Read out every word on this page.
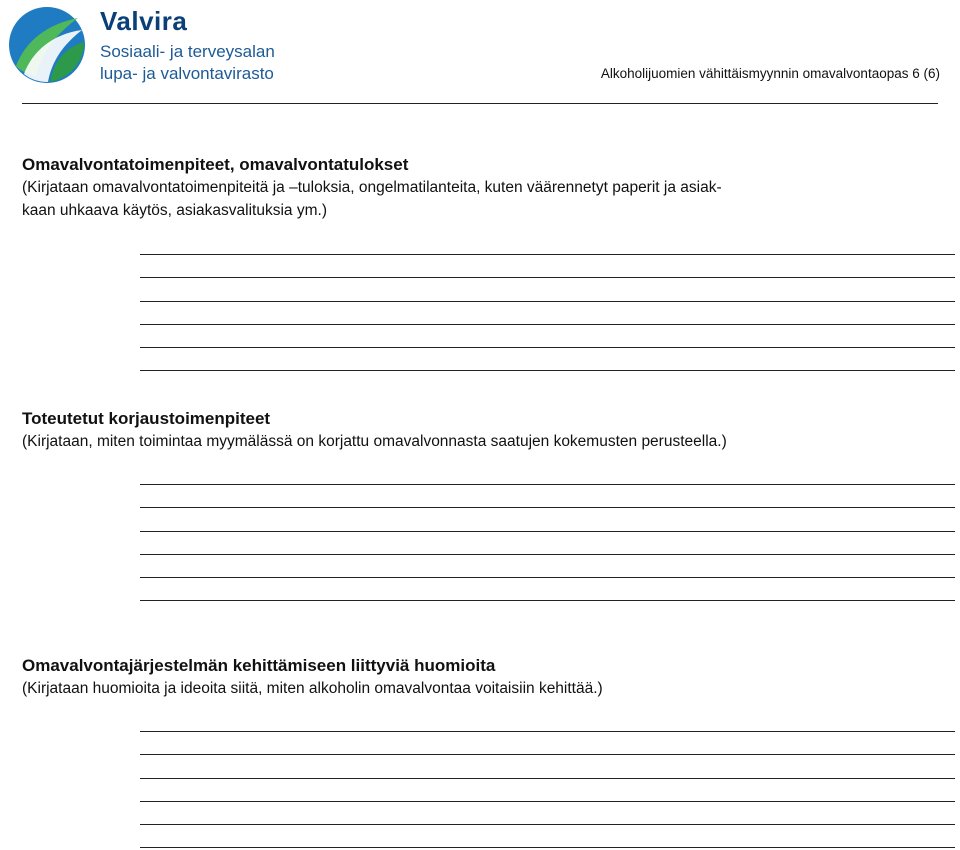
Valvira
Sosiaali- ja terveysalan
lupa- ja valvontavirasto	Alkoholijuomien vähittäismyynnin omavalvontaopas 6 (6)
Omavalvontatoimenpiteet, omavalvontatulokset

(Kirjataan omavalvontatoimenpiteitä ja –tuloksia, ongelmatilanteita, kuten väärennetyt paperit ja asiak-

kaan uhkaava käytös, asiakasvalituksia ym.)

Toteutetut korjaustoimenpiteet

(Kirjataan, miten toimintaa myymälässä on korjattu omavalvonnasta saatujen kokemusten perusteella.)

Omavalvontajärjestelmän kehittämiseen liittyviä huomioita

(Kirjataan huomioita ja ideoita siitä, miten alkoholin omavalvontaa voitaisiin kehittää.)
